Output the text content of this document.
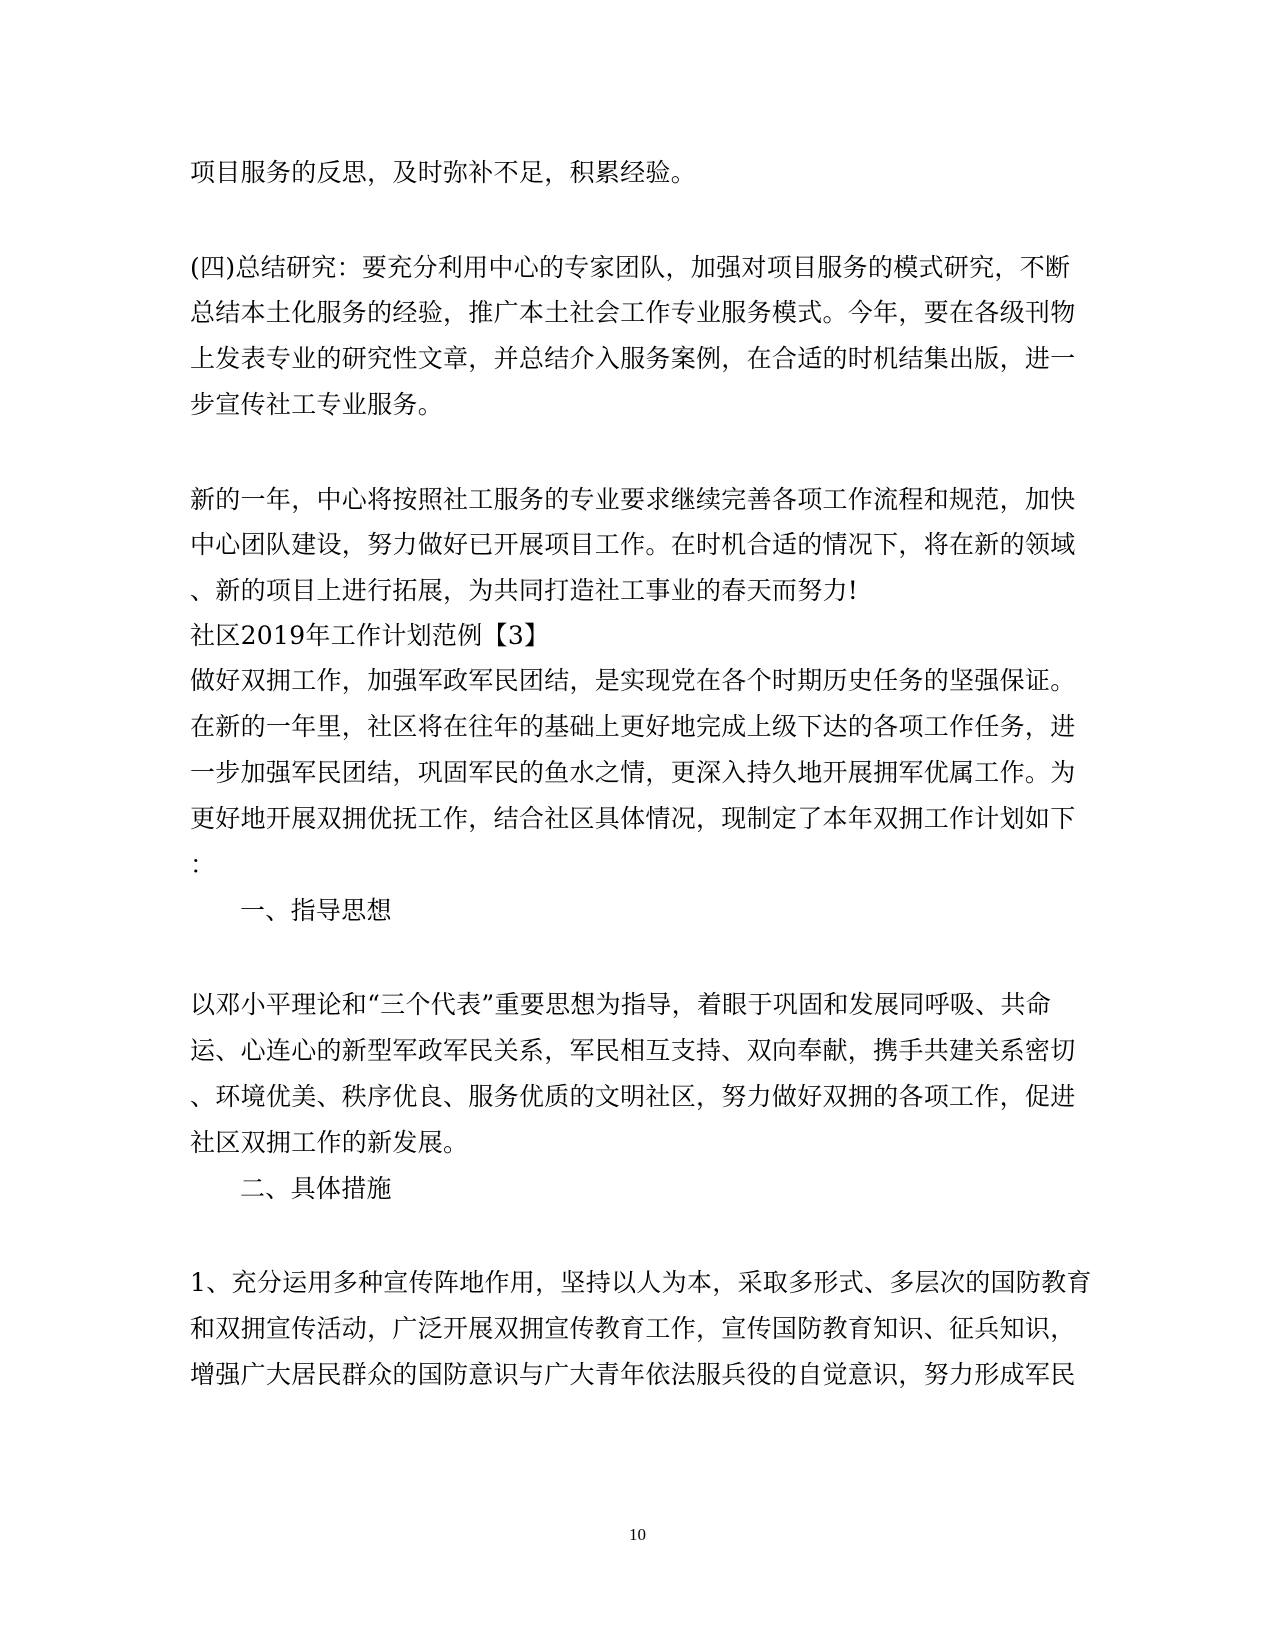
项目服务的反思，及时弥补不足，积累经验。
(四)总结研究：要充分利用中心的专家团队，加强对项目服务的模式研究，不断
总结本土化服务的经验，推广本土社会工作专业服务模式。今年，要在各级刊物
上发表专业的研究性文章，并总结介入服务案例，在合适的时机结集出版，进一
步宣传社工专业服务。
新的一年，中心将按照社工服务的专业要求继续完善各项工作流程和规范，加快
中心团队建设，努力做好已开展项目工作。在时机合适的情况下，将在新的领域
、新的项目上进行拓展，为共同打造社工事业的春天而努力!
社区2019年工作计划范例【3】
做好双拥工作，加强军政军民团结，是实现党在各个时期历史任务的坚强保证。
在新的一年里，社区将在往年的基础上更好地完成上级下达的各项工作任务，进
一步加强军民团结，巩固军民的鱼水之情，更深入持久地开展拥军优属工作。为
更好地开展双拥优抚工作，结合社区具体情况，现制定了本年双拥工作计划如下
：
一、指导思想
以邓小平理论和“三个代表”重要思想为指导，着眼于巩固和发展同呼吸、共命
运、心连心的新型军政军民关系，军民相互支持、双向奉献，携手共建关系密切
、环境优美、秩序优良、服务优质的文明社区，努力做好双拥的各项工作，促进
社区双拥工作的新发展。
二、具体措施
1、充分运用多种宣传阵地作用，坚持以人为本，采取多形式、多层次的国防教育
和双拥宣传活动，广泛开展双拥宣传教育工作，宣传国防教育知识、征兵知识，
增强广大居民群众的国防意识与广大青年依法服兵役的自觉意识，努力形成军民
10
